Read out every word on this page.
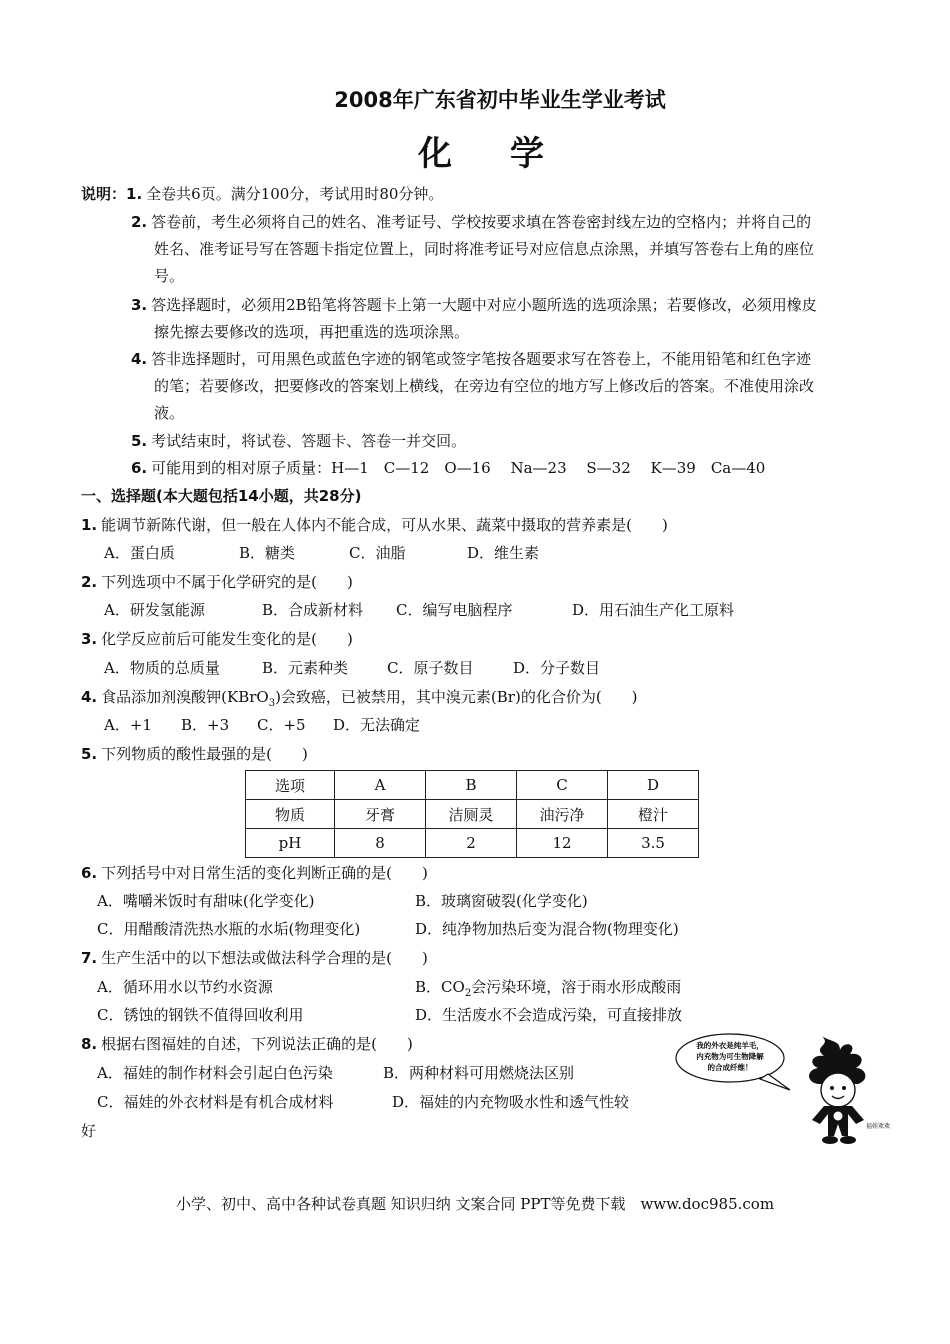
2008年广东省初中毕业生学业考试
化学
说明：1. 全卷共6页。满分100分，考试用时80分钟。
2. 答卷前，考生必须将自己的姓名、准考证号、学校按要求填在答卷密封线左边的空格内；并将自己的
姓名、准考证号写在答题卡指定位置上，同时将准考证号对应信息点涂黑，并填写答卷右上角的座位
号。
3. 答选择题时，必须用2B铅笔将答题卡上第一大题中对应小题所选的选项涂黑；若要修改，必须用橡皮
擦先擦去要修改的选项，再把重选的选项涂黑。
4. 答非选择题时，可用黑色或蓝色字迹的钢笔或签字笔按各题要求写在答卷上，不能用铅笔和红色字迹
的笔；若要修改，把要修改的答案划上横线，在旁边有空位的地方写上修改后的答案。不准使用涂改
液。
5. 考试结束时，将试卷、答题卡、答卷一并交回。
6. 可能用到的相对原子质量：H—1　C—12　O—16　 Na—23　 S—32　 K—39　Ca—40
一、选择题(本大题包括14小题，共28分)
1. 能调节新陈代谢，但一般在人体内不能合成，可从水果、蔬菜中摄取的营养素是(　　)
A．蛋白质	B．糖类	C．油脂	D．维生素
2. 下列选项中不属于化学研究的是(　　)
A．研发氢能源	B．合成新材料 C．编写电脑程序	D．用石油生产化工原料
3. 化学反应前后可能发生变化的是(　　)
A．物质的总质量	B．元素种类	C．原子数目	D．分子数目
4. 食品添加剂溴酸钾(KBrO$_3$)会致癌，已被禁用，其中溴元素(Br)的化合价为(　　)
A．+1 B．+3 C．+5 D．无法确定
5. 下列物质的酸性最强的是(　　)
选项	A	B	C	D
物质	牙膏	洁厕灵	油污净	橙汁
pH	8	2	12	3.5
6. 下列括号中对日常生活的变化判断正确的是(　　)
A．嘴嚼米饭时有甜味(化学变化)	B．玻璃窗破裂(化学变化)
C．用醋酸清洗热水瓶的水垢(物理变化)	D．纯净物加热后变为混合物(物理变化)
7. 生产生活中的以下想法或做法科学合理的是(　　)
A．循环用水以节约水资源	B．$CO_2$会污染环境，溶于雨水形成酸雨
C．锈蚀的钢铁不值得回收利用	D．生活废水不会造成污染，可直接排放
8. 根据右图福娃的自述，下列说法正确的是(　　)
A．福娃的制作材料会引起白色污染	B．两种材料可用燃烧法区别
C．福娃的外衣材料是有机合成材料	D．福娃的内充物吸水性和透气性较
好
我的外衣是纯羊毛，
内充物为可生物降解
的合成纤维！
福娃欢欢
小学、初中、高中各种试卷真题 知识归纳 文案合同 PPT等免费下载　www.doc985.com
